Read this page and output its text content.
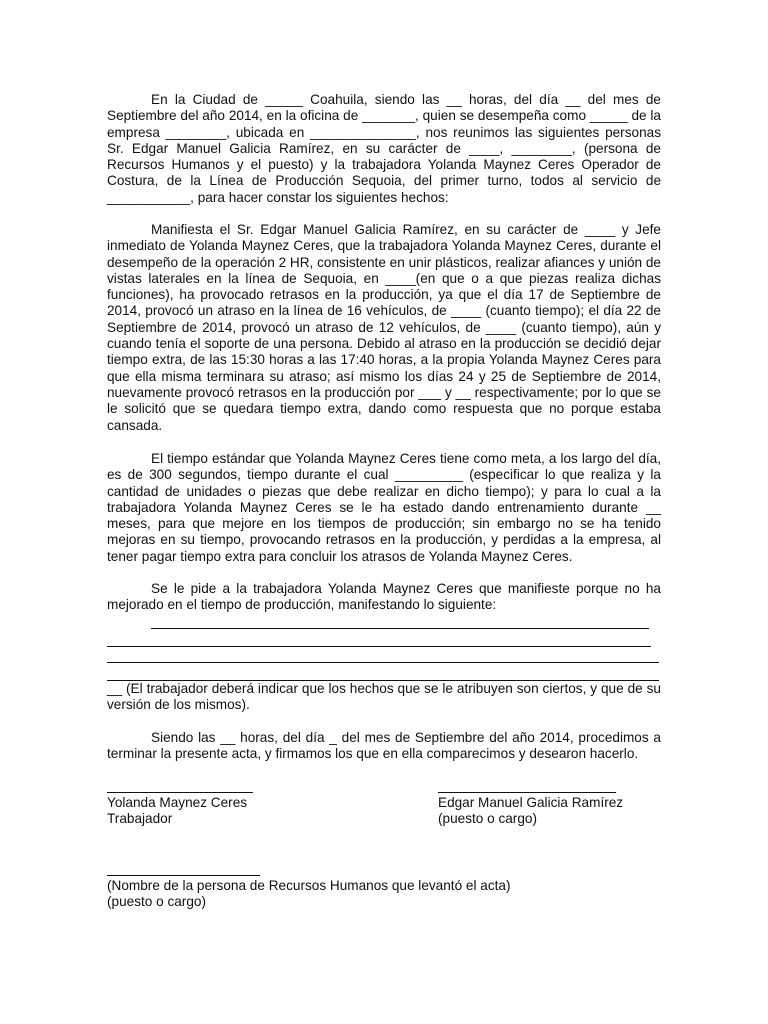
En la Ciudad de _____ Coahuila, siendo las __ horas, del día __ del mes de Septiembre del año 2014, en la oficina de _______, quien se desempeña como _____ de la empresa ________, ubicada en ______________, nos reunimos las siguientes personas Sr. Edgar Manuel Galicia Ramírez, en su carácter de ____, ________, (persona de Recursos Humanos y el puesto) y la trabajadora Yolanda Maynez Ceres Operador de Costura, de la Línea de Producción Sequoia, del primer turno, todos al servicio de ___________, para hacer constar los siguientes hechos:

Manifiesta el Sr. Edgar Manuel Galicia Ramírez, en su carácter de ____ y Jefe inmediato de Yolanda Maynez Ceres, que la trabajadora Yolanda Maynez Ceres, durante el desempeño de la operación 2 HR, consistente en unir plásticos, realizar afiances y unión de vistas laterales en la línea de Sequoia, en ____(en que o a que piezas realiza dichas funciones), ha provocado retrasos en la producción, ya que el día 17 de Septiembre de 2014, provocó un atraso en la línea de 16 vehículos, de ____ (cuanto tiempo); el día 22 de Septiembre de 2014, provocó un atraso de 12 vehículos, de ____ (cuanto tiempo), aún y cuando tenía el soporte de una persona. Debido al atraso en la producción se decidió dejar tiempo extra, de las 15:30 horas a las 17:40 horas, a la propia Yolanda Maynez Ceres para que ella misma terminara su atraso; así mismo los días 24 y 25 de Septiembre de 2014, nuevamente provocó retrasos en la producción por ___ y __ respectivamente; por lo que se le solicitó que se quedara tiempo extra, dando como respuesta que no porque estaba cansada.

El tiempo estándar que Yolanda Maynez Ceres tiene como meta, a los largo del día, es de 300 segundos, tiempo durante el cual _________ (especificar lo que realiza y la cantidad de unidades o piezas que debe realizar en dicho tiempo); y para lo cual a la trabajadora Yolanda Maynez Ceres se le ha estado dando entrenamiento durante __ meses, para que mejore en los tiempos de producción; sin embargo no se ha tenido mejoras en su tiempo, provocando retrasos en la producción, y perdidas a la empresa, al tener pagar tiempo extra para concluir los atrasos de Yolanda Maynez Ceres.

Se le pide a la trabajadora Yolanda Maynez Ceres que manifieste porque no ha mejorado en el tiempo de producción, manifestando lo siguiente:

__ (El trabajador deberá indicar que los hechos que se le atribuyen son ciertos, y que de su versión de los mismos).

Siendo las __ horas, del día _ del mes de Septiembre del año 2014, procedimos a terminar la presente acta, y firmamos los que en ella comparecimos y desearon hacerlo.

Yolanda Maynez Ceres
Trabajador
Edgar Manuel Galicia Ramírez
(puesto o cargo)
(Nombre de la persona de Recursos Humanos que levantó el acta)
(puesto o cargo)
